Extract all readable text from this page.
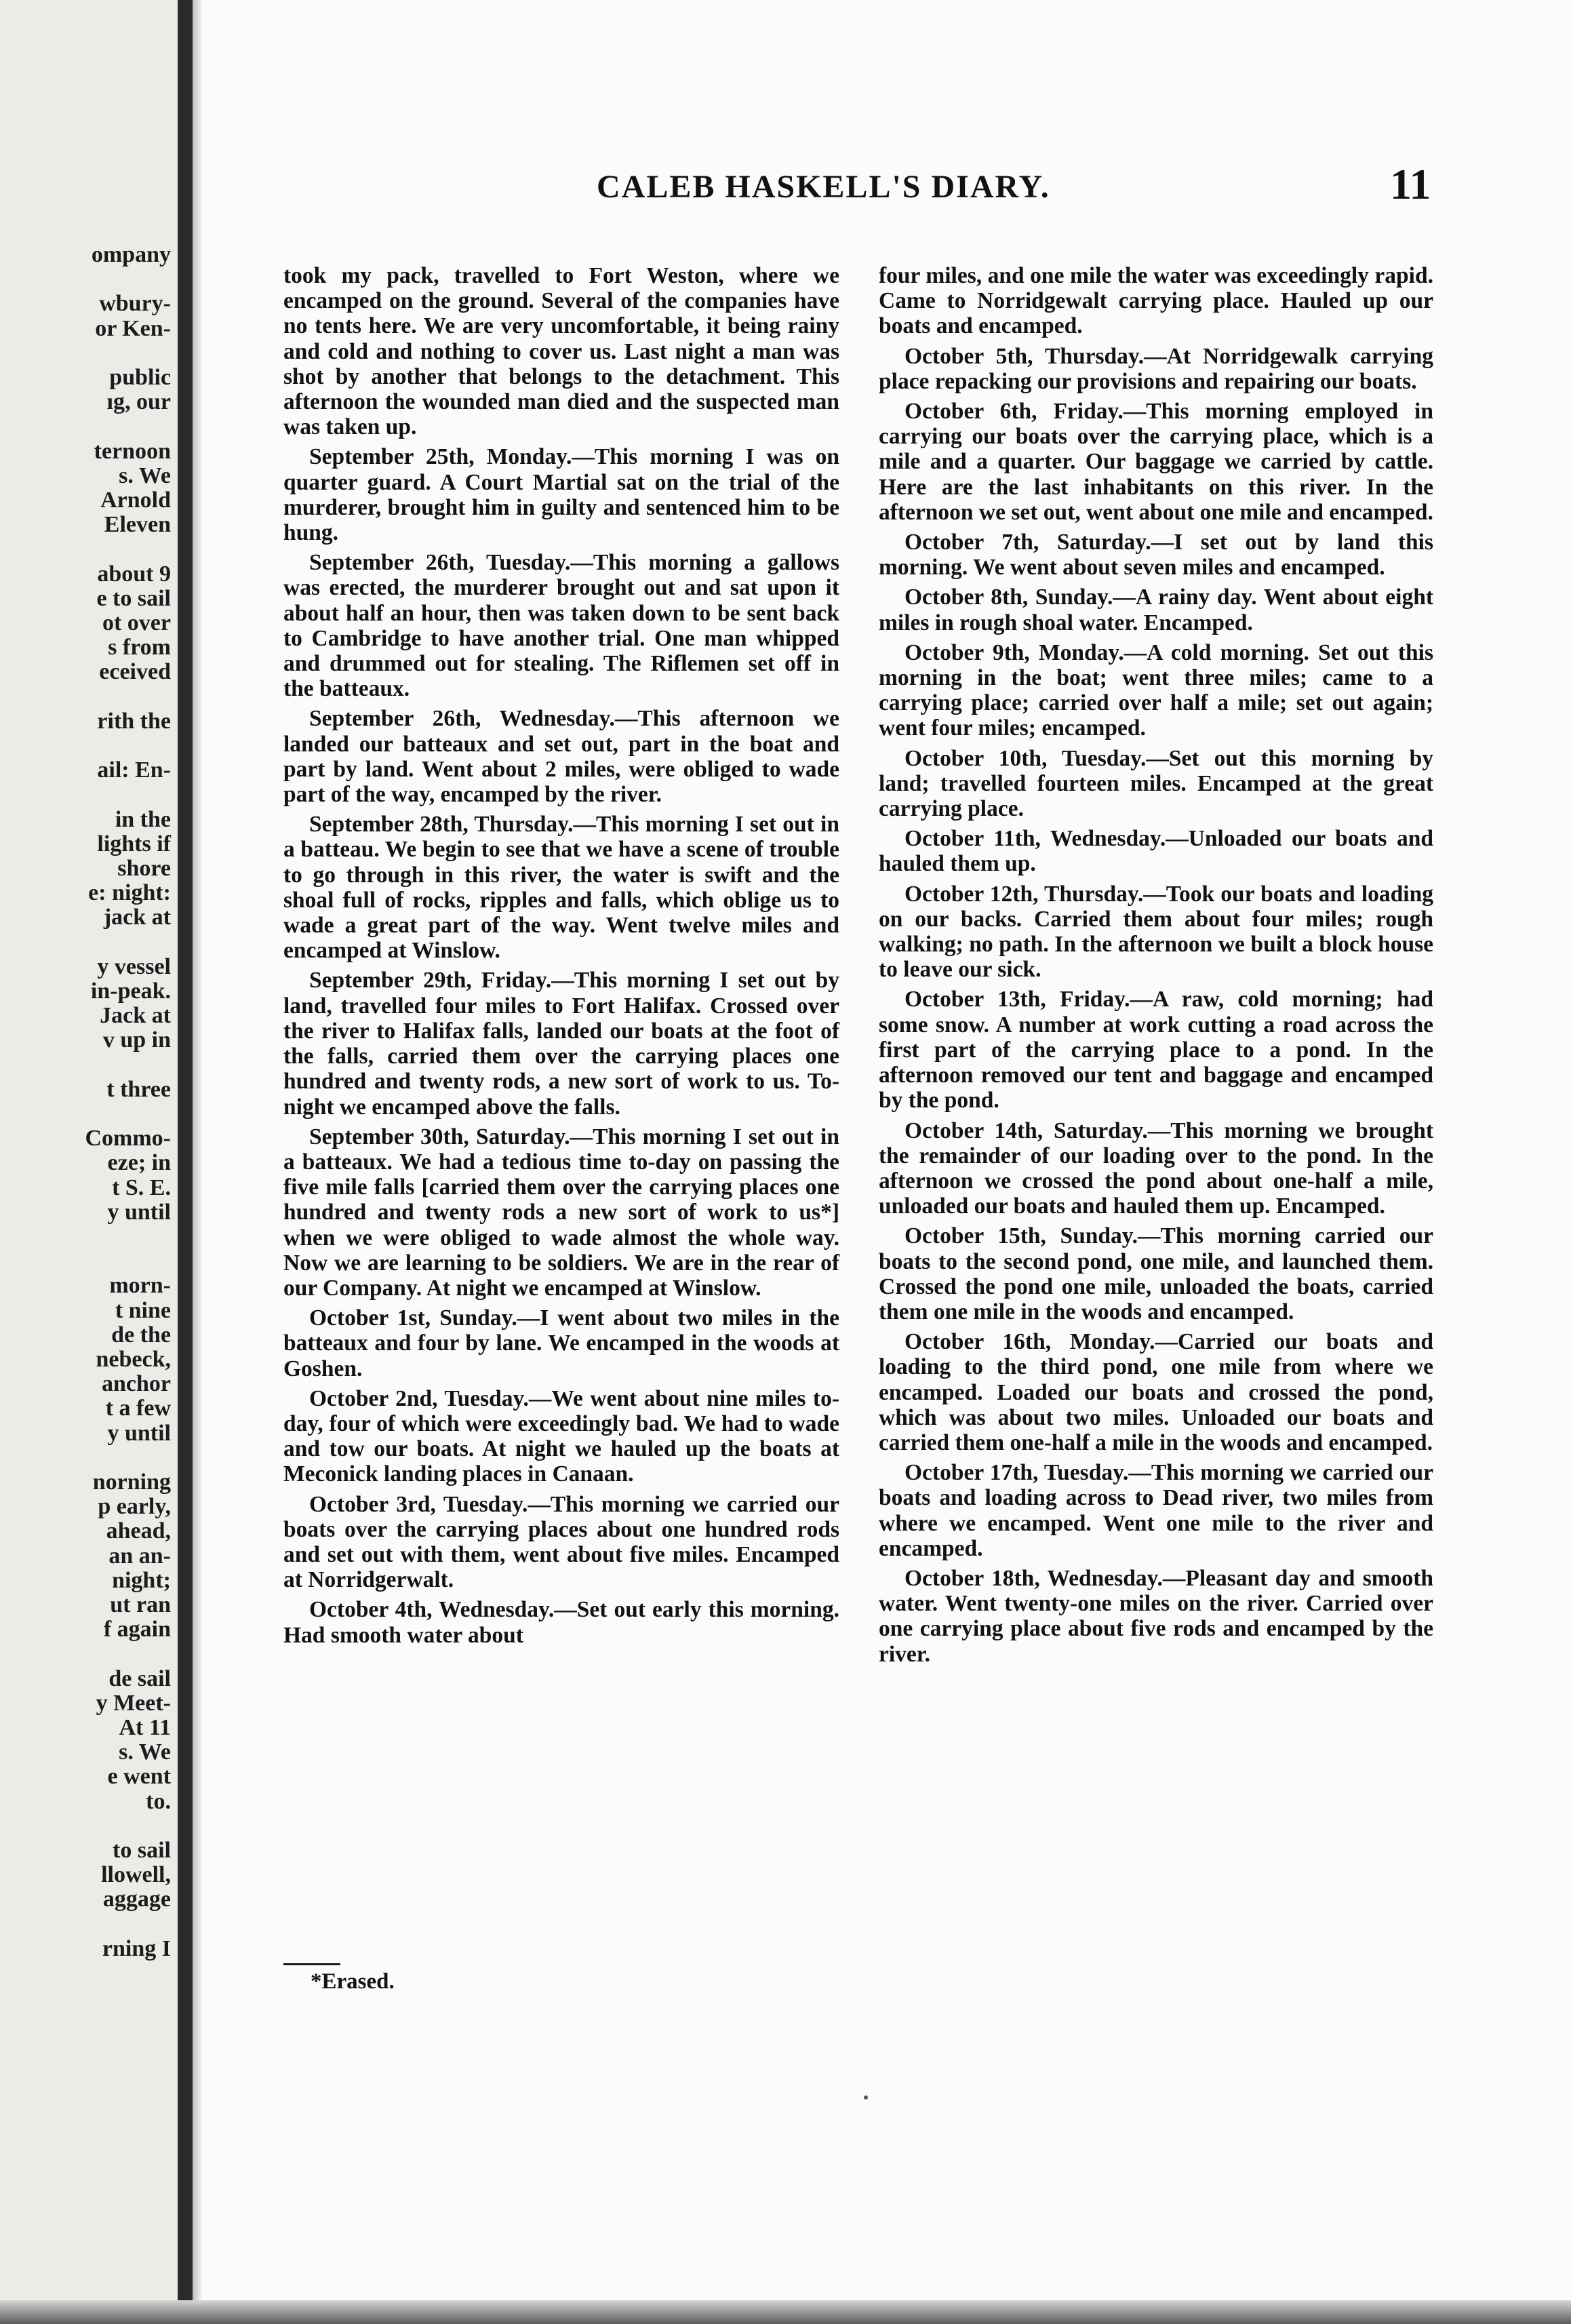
ompany
wbury-
or Ken-
public
ıg, our
ternoon
s. We
Arnold
Eleven
about 9
e to sail
ot over
s from
eceived
rith the
ail: En-
in the
lights if
shore
e: night:
jack at
y vessel
in-peak.
Jack at
v up in
t three
Commo-
eze; in
t S. E.
y until
morn-
t nine
de the
nebeck,
anchor
t a few
y until
norning
p early,
ahead,
an an-
night;
ut ran
f again
de sail
y Meet-
At 11
s. We
e went
to.
to sail
llowell,
aggage
rning I
CALEB HASKELL'S DIARY.	11

took my pack, travelled to Fort Weston, where we encamped on the ground. Several of the companies have no tents here. We are very uncomfortable, it being rainy and cold and nothing to cover us. Last night a man was shot by another that belongs to the detachment. This afternoon the wounded man died and the suspected man was taken up.

September 25th, Monday.—This morning I was on quarter guard. A Court Martial sat on the trial of the murderer, brought him in guilty and sentenced him to be hung.

September 26th, Tuesday.—This morning a gallows was erected, the murderer brought out and sat upon it about half an hour, then was taken down to be sent back to Cambridge to have another trial. One man whipped and drummed out for stealing. The Riflemen set off in the batteaux.

September 26th, Wednesday.—This afternoon we landed our batteaux and set out, part in the boat and part by land. Went about 2 miles, were obliged to wade part of the way, encamped by the river.

September 28th, Thursday.—This morning I set out in a batteau. We begin to see that we have a scene of trouble to go through in this river, the water is swift and the shoal full of rocks, ripples and falls, which oblige us to wade a great part of the way. Went twelve miles and encamped at Winslow.

September 29th, Friday.—This morning I set out by land, travelled four miles to Fort Halifax. Crossed over the river to Halifax falls, landed our boats at the foot of the falls, carried them over the carrying places one hundred and twenty rods, a new sort of work to us. To-night we encamped above the falls.

September 30th, Saturday.—This morning I set out in a batteaux. We had a tedious time to-day on passing the five mile falls [carried them over the carrying places one hundred and twenty rods a new sort of work to us*] when we were obliged to wade almost the whole way. Now we are learning to be soldiers. We are in the rear of our Company. At night we encamped at Winslow.

October 1st, Sunday.—I went about two miles in the batteaux and four by lane. We encamped in the woods at Goshen.

October 2nd, Tuesday.—We went about nine miles to-day, four of which were exceedingly bad. We had to wade and tow our boats. At night we hauled up the boats at Meconick landing places in Canaan.

October 3rd, Tuesday.—This morning we carried our boats over the carrying places about one hundred rods and set out with them, went about five miles. Encamped at Norridgerwalt.

October 4th, Wednesday.—Set out early this morning. Had smooth water about

four miles, and one mile the water was exceedingly rapid. Came to Norridgewalt carrying place. Hauled up our boats and encamped.

October 5th, Thursday.—At Norridgewalk carrying place repacking our provisions and repairing our boats.

October 6th, Friday.—This morning employed in carrying our boats over the carrying place, which is a mile and a quarter. Our baggage we carried by cattle. Here are the last inhabitants on this river. In the afternoon we set out, went about one mile and encamped.

October 7th, Saturday.—I set out by land this morning. We went about seven miles and encamped.

October 8th, Sunday.—A rainy day. Went about eight miles in rough shoal water. Encamped.

October 9th, Monday.—A cold morning. Set out this morning in the boat; went three miles; came to a carrying place; carried over half a mile; set out again; went four miles; encamped.

October 10th, Tuesday.—Set out this morning by land; travelled fourteen miles. Encamped at the great carrying place.

October 11th, Wednesday.—Unloaded our boats and hauled them up.

October 12th, Thursday.—Took our boats and loading on our backs. Carried them about four miles; rough walking; no path. In the afternoon we built a block house to leave our sick.

October 13th, Friday.—A raw, cold morning; had some snow. A number at work cutting a road across the first part of the carrying place to a pond. In the afternoon removed our tent and baggage and encamped by the pond.

October 14th, Saturday.—This morning we brought the remainder of our loading over to the pond. In the afternoon we crossed the pond about one-half a mile, unloaded our boats and hauled them up. Encamped.

October 15th, Sunday.—This morning carried our boats to the second pond, one mile, and launched them. Crossed the pond one mile, unloaded the boats, carried them one mile in the woods and encamped.

October 16th, Monday.—Carried our boats and loading to the third pond, one mile from where we encamped. Loaded our boats and crossed the pond, which was about two miles. Unloaded our boats and carried them one-half a mile in the woods and encamped.

October 17th, Tuesday.—This morning we carried our boats and loading across to Dead river, two miles from where we encamped. Went one mile to the river and encamped.

October 18th, Wednesday.—Pleasant day and smooth water. Went twenty-one miles on the river. Carried over one carrying place about five rods and encamped by the river.

*Erased.
